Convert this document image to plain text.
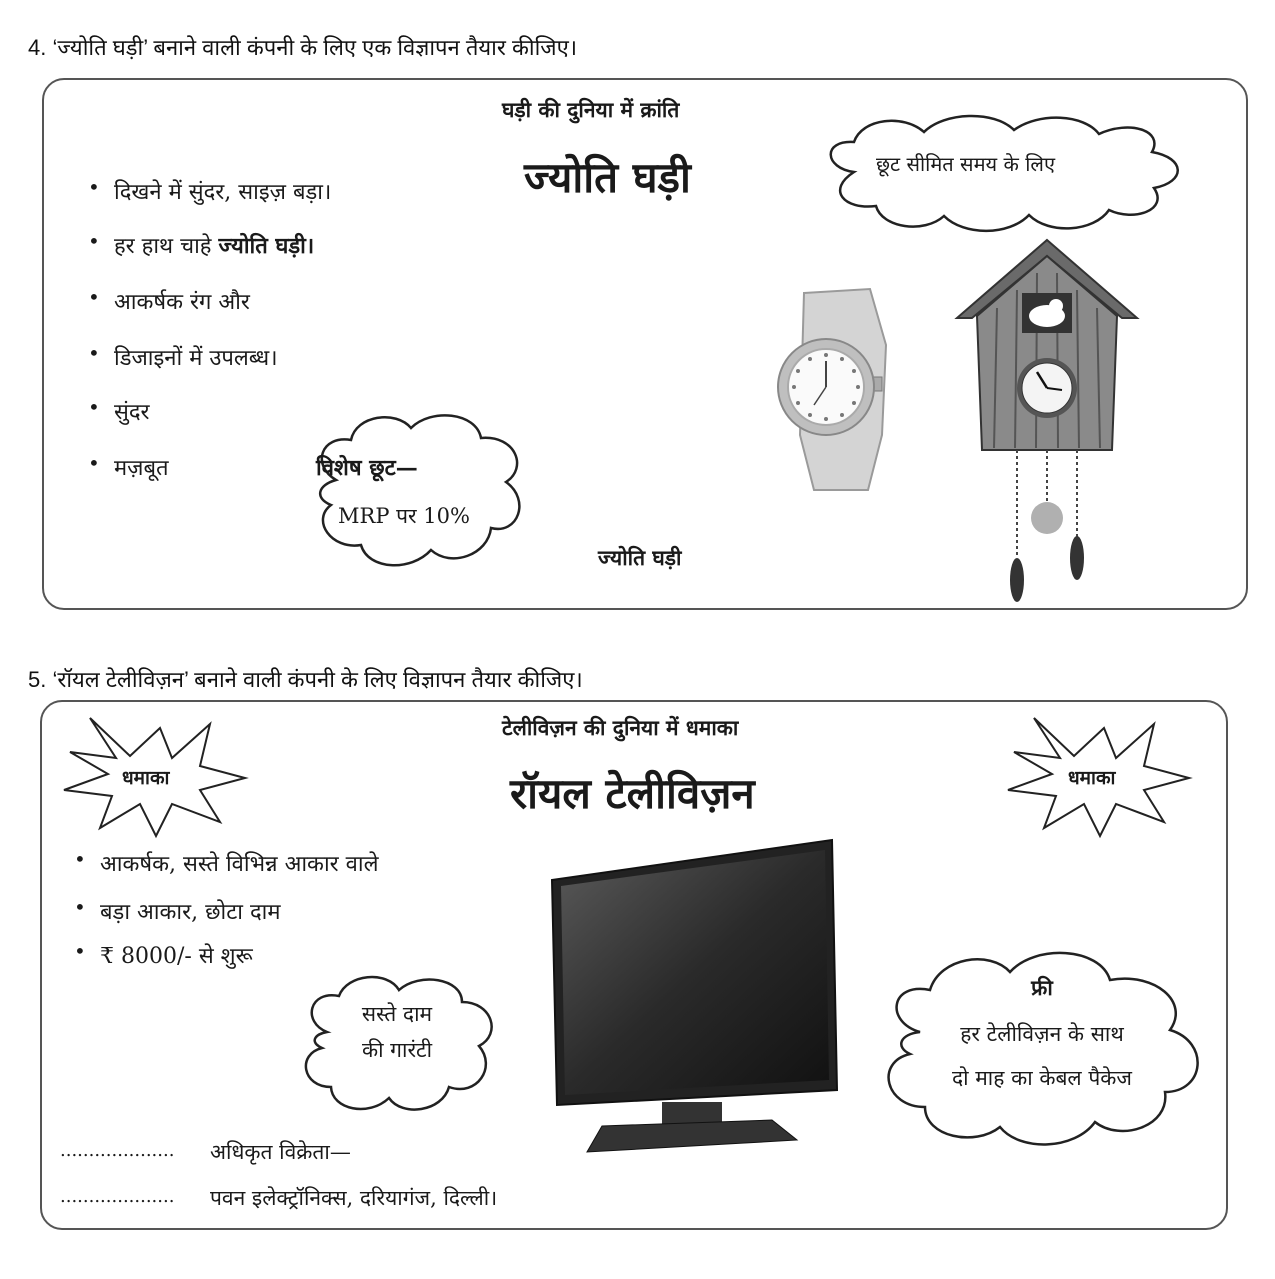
4. ‘ज्योति घड़ी’ बनाने वाली कंपनी के लिए एक विज्ञापन तैयार कीजिए।
घड़ी की दुनिया में क्रांति
ज्योति घड़ी	छूट सीमित समय के लिए
• दिखने में सुंदर, साइज़ बड़ा।
• हर हाथ चाहे ज्योति घड़ी।
• आकर्षक रंग और
• डिजाइनों में उपलब्ध।
• सुंदर
• मज़बूत	विशेष छूट—
MRP पर 10%
ज्योति घड़ी
5. ‘रॉयल टेलीविज़न’ बनाने वाली कंपनी के लिए विज्ञापन तैयार कीजिए।
टेलीविज़न की दुनिया में धमाका
रॉयल टेलीविज़न
धमाका	धमाका
• आकर्षक, सस्ते विभिन्न आकार वाले
• बड़ा आकार, छोटा दाम
• ₹ 8000/- से शुरू
सस्ते दाम
की गारंटी
फ्री
हर टेलीविज़न के साथ
दो माह का केबल पैकेज
.................... अधिकृत विक्रेता—
.................... पवन इलेक्ट्रॉनिक्स, दरियागंज, दिल्ली।
